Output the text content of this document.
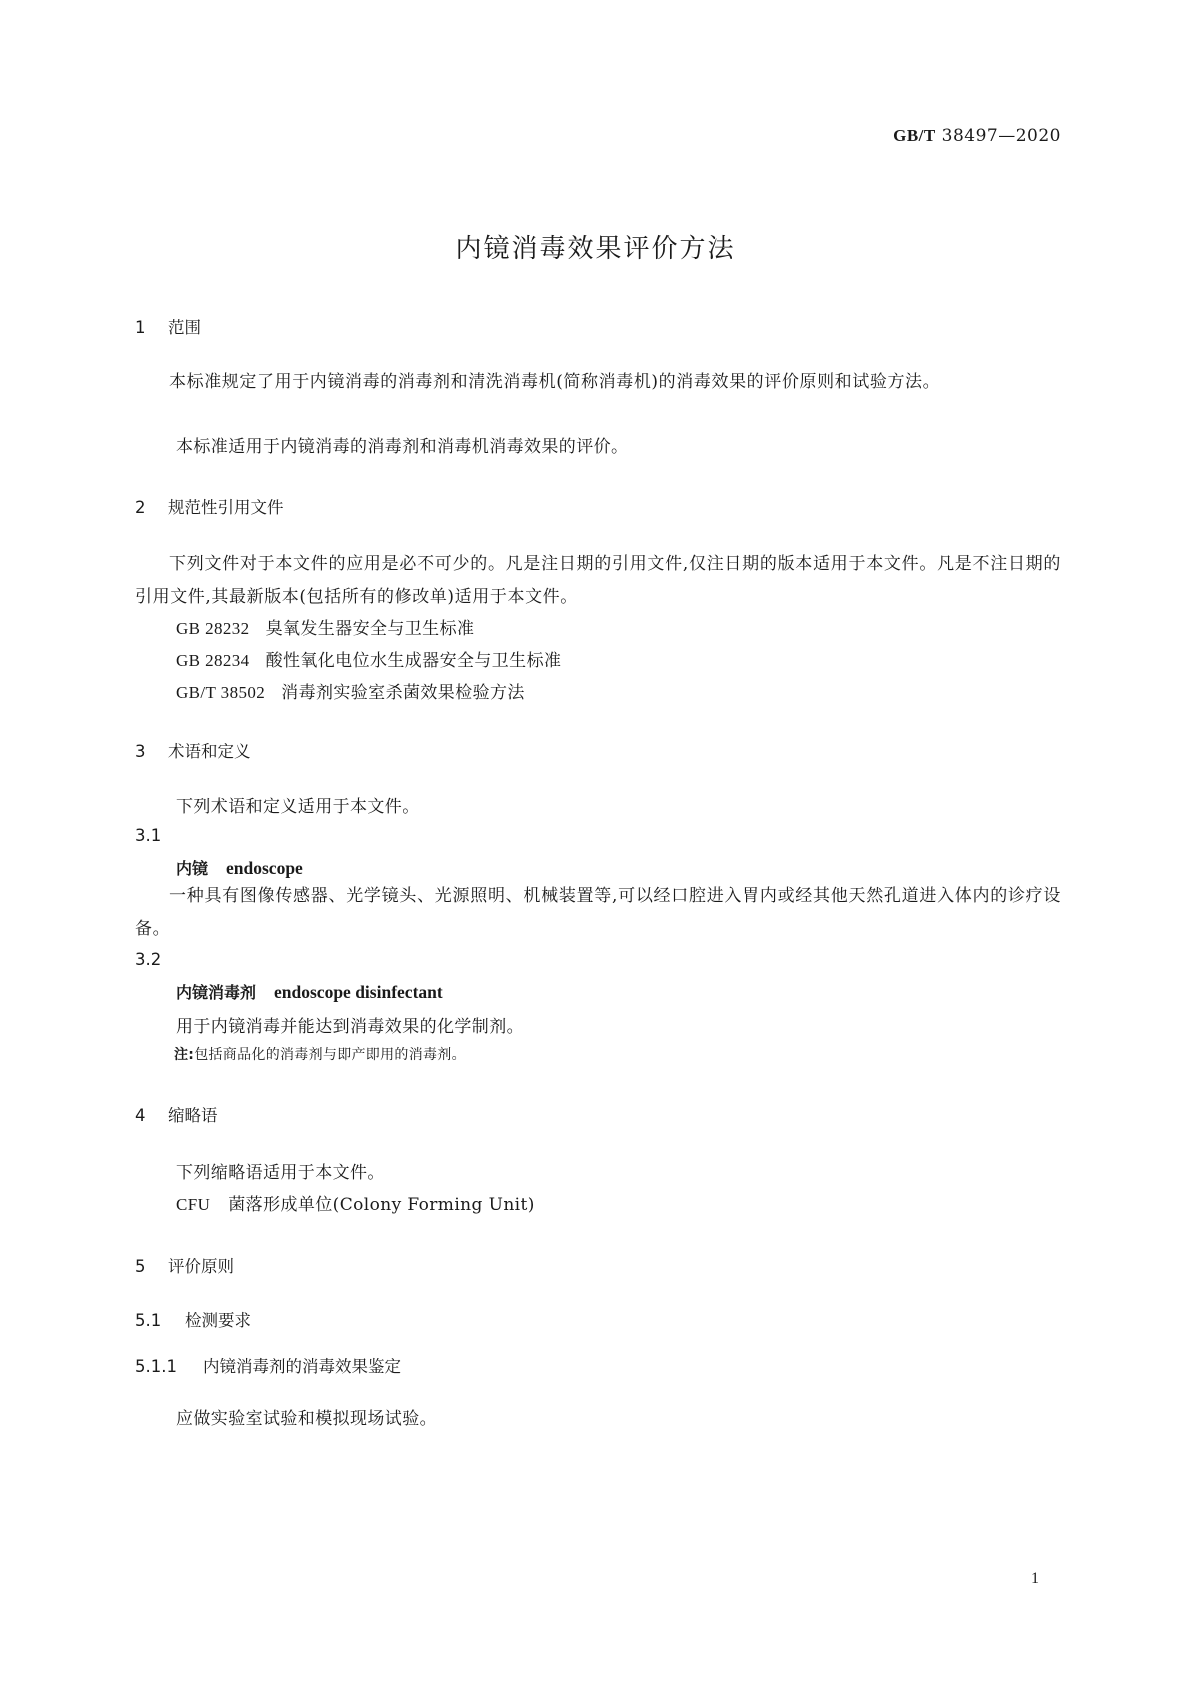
GB/T 38497—2020
内镜消毒效果评价方法
1 范围
本标准规定了用于内镜消毒的消毒剂和清洗消毒机(简称消毒机)的消毒效果的评价原则和试验方法。
本标准适用于内镜消毒的消毒剂和消毒机消毒效果的评价。
2 规范性引用文件
下列文件对于本文件的应用是必不可少的。凡是注日期的引用文件,仅注日期的版本适用于本文件。凡是不注日期的引用文件,其最新版本(包括所有的修改单)适用于本文件。
GB 28232 臭氧发生器安全与卫生标准
GB 28234 酸性氧化电位水生成器安全与卫生标准
GB/T 38502 消毒剂实验室杀菌效果检验方法
3 术语和定义
下列术语和定义适用于本文件。
3.1
内镜 endoscope
一种具有图像传感器、光学镜头、光源照明、机械装置等,可以经口腔进入胃内或经其他天然孔道进入体内的诊疗设备。
3.2
内镜消毒剂 endoscope disinfectant
用于内镜消毒并能达到消毒效果的化学制剂。
注:包括商品化的消毒剂与即产即用的消毒剂。
4 缩略语
下列缩略语适用于本文件。
CFU 菌落形成单位(Colony Forming Unit)
5 评价原则
5.1 检测要求
5.1.1 内镜消毒剂的消毒效果鉴定
应做实验室试验和模拟现场试验。
1
